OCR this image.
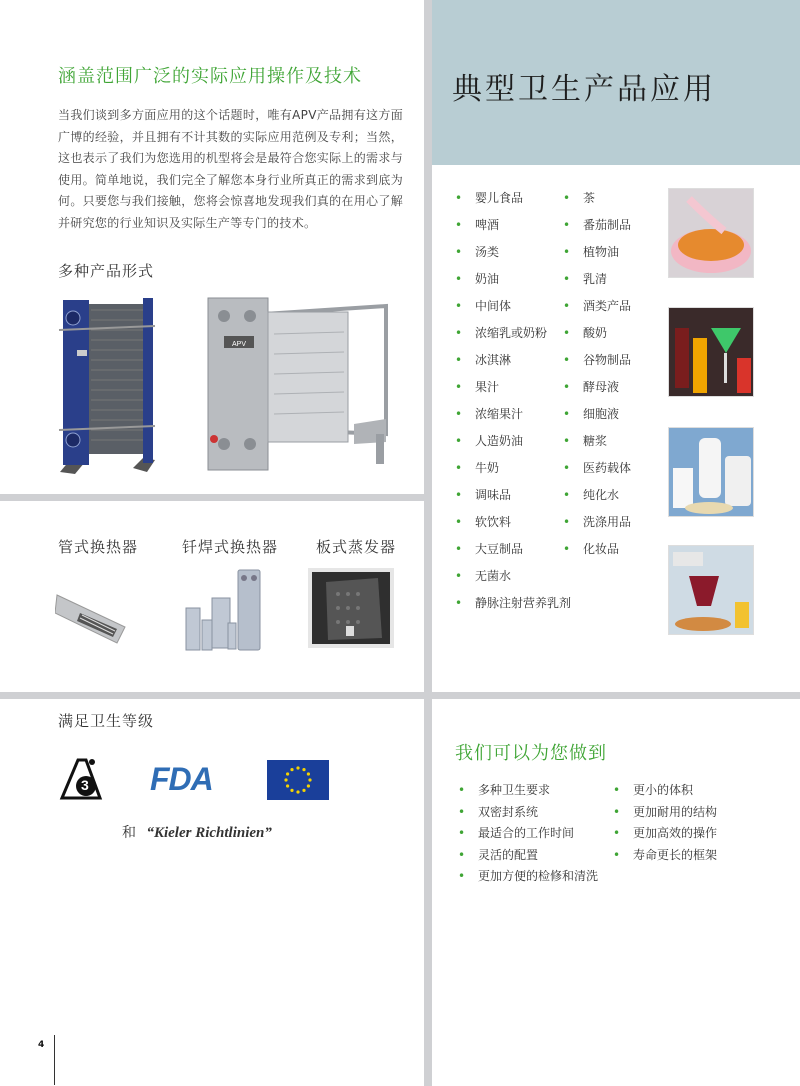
涵盖范围广泛的实际应用操作及技术
当我们谈到多方面应用的这个话题时，唯有APV产品拥有这方面广博的经验，并且拥有不计其数的实际应用范例及专利；当然，这也表示了我们为您选用的机型将会是最符合您实际上的需求与使用。简单地说，我们完全了解您本身行业所真正的需求到底为何。只要您与我们接触，您将会惊喜地发现我们真的在用心了解并研究您的行业知识及实际生产等专门的技术。
多种产品形式
APV
管式换热器	钎焊式换热器	板式蒸发器
满足卫生等级
3 FDA
和 “Kieler Richtlinien”
典型卫生产品应用
• 婴儿食品
• 啤酒
• 汤类
• 奶油
• 中间体
• 浓缩乳或奶粉
• 冰淇淋
• 果汁
• 浓缩果汁
• 人造奶油
• 牛奶
• 调味品
• 软饮料
• 大豆制品
• 无菌水
• 静脉注射营养乳剂
• 茶
• 番茄制品
• 植物油
• 乳清
• 酒类产品
• 酸奶
• 谷物制品
• 酵母液
• 细胞液
• 糖浆
• 医药载体
• 纯化水
• 洗涤用品
• 化妆品
我们可以为您做到
• 多种卫生要求
• 双密封系统
• 最适合的工作时间
• 灵活的配置
• 更加方便的检修和清洗
• 更小的体积
• 更加耐用的结构
• 更加高效的操作
• 寿命更长的框架
4
